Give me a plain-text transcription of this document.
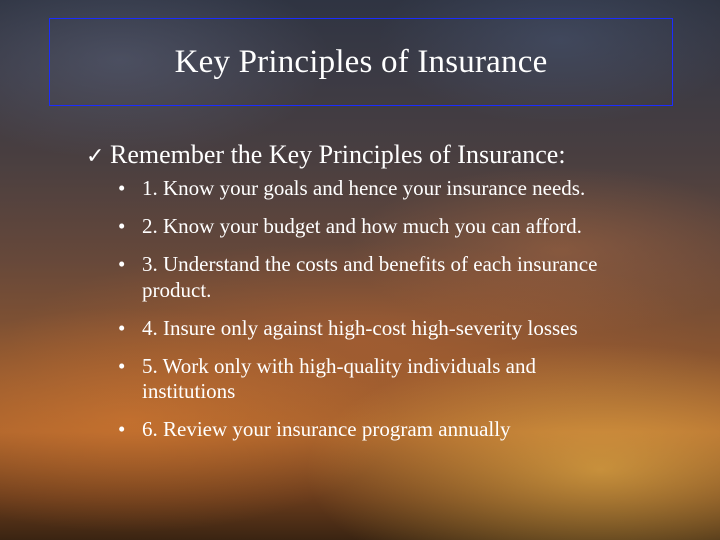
Key Principles of Insurance
✓ Remember the Key Principles of Insurance:
• 1. Know your goals and hence your insurance needs.
• 2. Know your budget and how much you can afford.
• 3. Understand the costs and benefits of each insurance product.
• 4. Insure only against high-cost high-severity losses
• 5. Work only with high-quality individuals and institutions
• 6. Review your insurance program annually
